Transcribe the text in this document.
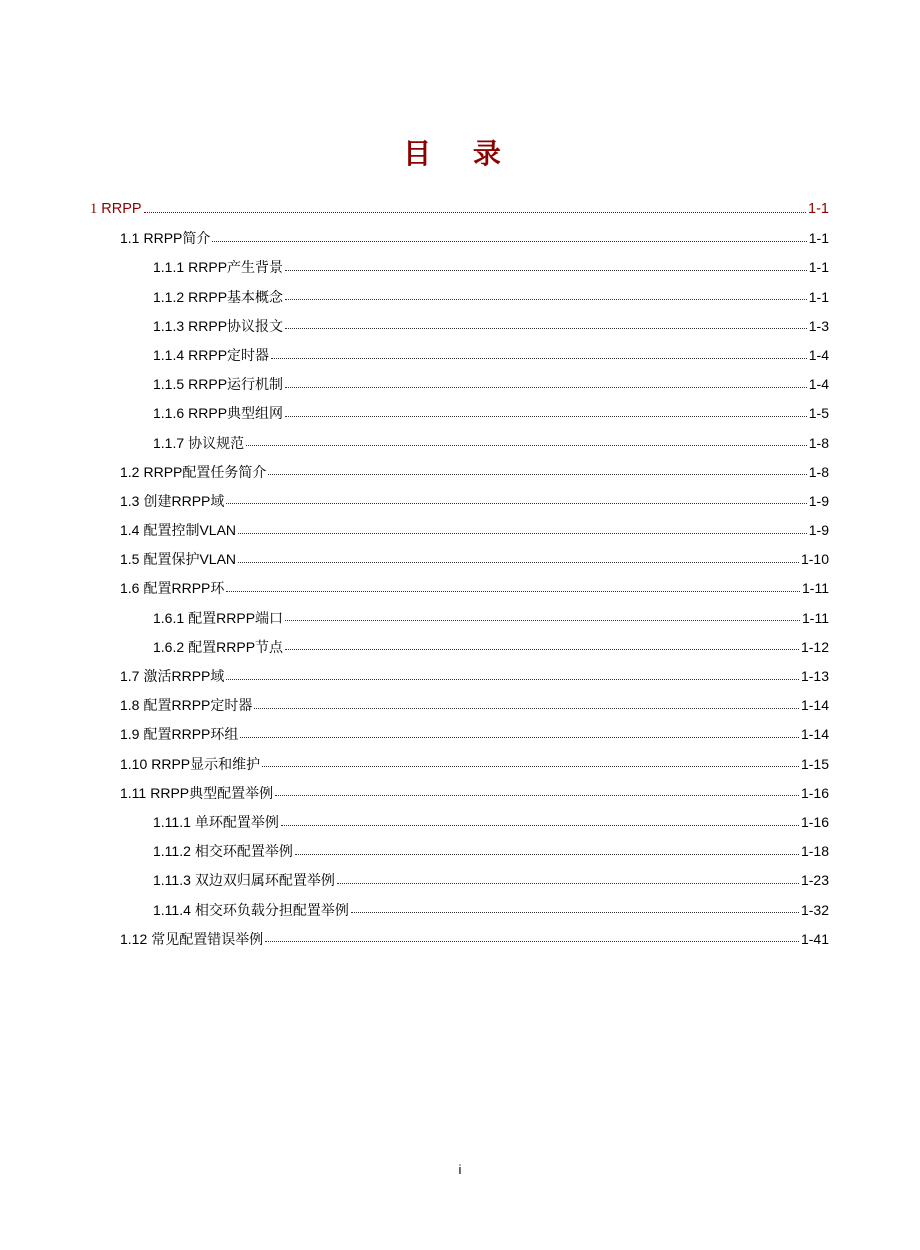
目 录
1 RRPP	1-1
1.1 RRPP简介	1-1
1.1.1 RRPP产生背景	1-1
1.1.2 RRPP基本概念	1-1
1.1.3 RRPP协议报文	1-3
1.1.4 RRPP定时器	1-4
1.1.5 RRPP运行机制	1-4
1.1.6 RRPP典型组网	1-5
1.1.7 协议规范	1-8
1.2 RRPP配置任务简介	1-8
1.3 创建RRPP域	1-9
1.4 配置控制VLAN	1-9
1.5 配置保护VLAN	1-10
1.6 配置RRPP环	1-11
1.6.1 配置RRPP端口	1-11
1.6.2 配置RRPP节点	1-12
1.7 激活RRPP域	1-13
1.8 配置RRPP定时器	1-14
1.9 配置RRPP环组	1-14
1.10 RRPP显示和维护	1-15
1.11 RRPP典型配置举例	1-16
1.11.1 单环配置举例	1-16
1.11.2 相交环配置举例	1-18
1.11.3 双边双归属环配置举例	1-23
1.11.4 相交环负载分担配置举例	1-32
1.12 常见配置错误举例	1-41
i
